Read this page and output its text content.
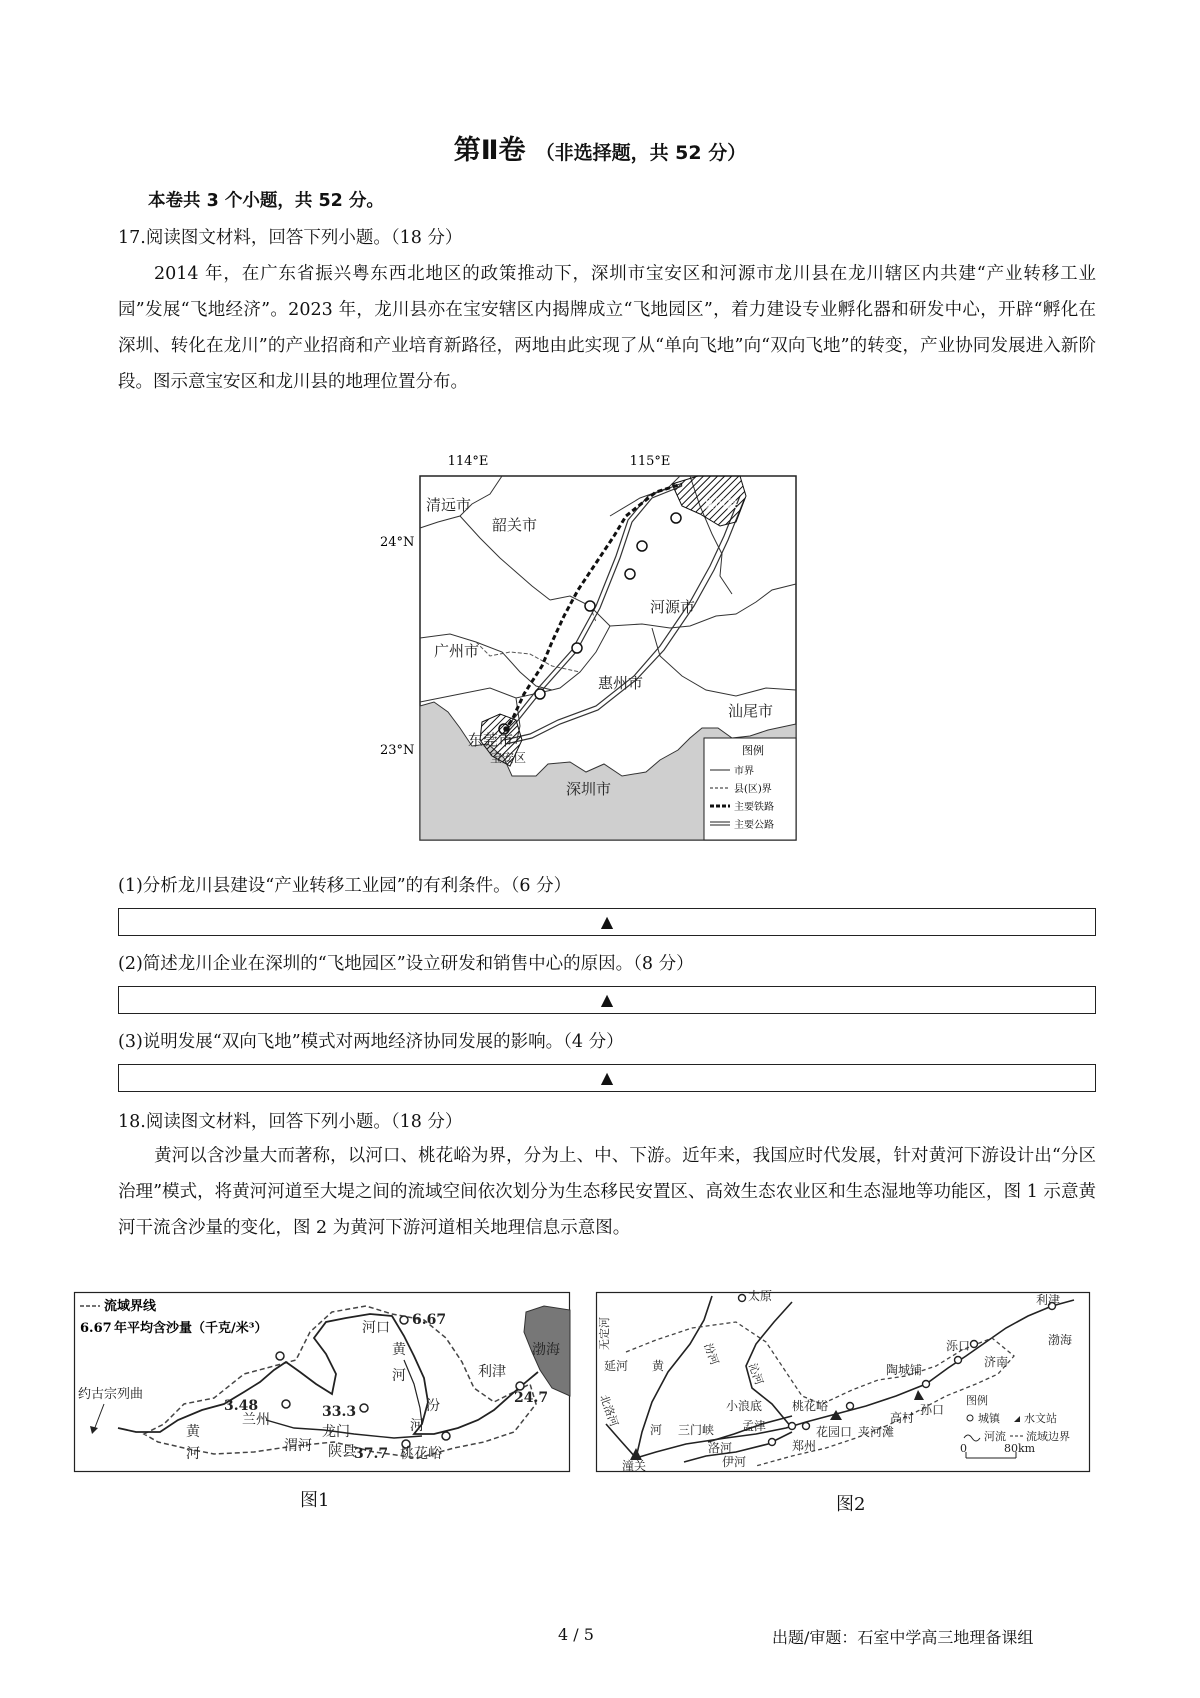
第Ⅱ卷 （非选择题，共 52 分）
本卷共 3 个小题，共 52 分。
17.阅读图文材料，回答下列小题。（18 分）
2014 年，在广东省振兴粤东西北地区的政策推动下，深圳市宝安区和河源市龙川县在龙川辖区内共建“产业转移工业园”发展“飞地经济”。2023 年，龙川县亦在宝安辖区内揭牌成立“飞地园区”，着力建设专业孵化器和研发中心，开辟“孵化在深圳、转化在龙川”的产业招商和产业培育新路径，两地由此实现了从“单向飞地”向“双向飞地”的转变，产业协同发展进入新阶段。图示意宝安区和龙川县的地理位置分布。
114°E	115°E
24°N
23°N
清远市
韶关市
龙川县
河源市
广州市
惠州市
汕尾市
东莞市
宝安区
深圳市
图例
市界
县(区)界
主要铁路
主要公路
(1)分析龙川县建设“产业转移工业园”的有利条件。（6 分）
▲
(2)简述龙川企业在深圳的“飞地园区”设立研发和销售中心的原因。（8 分）
▲
(3)说明发展“双向飞地”模式对两地经济协同发展的影响。（4 分）
▲
18.阅读图文材料，回答下列小题。（18 分）
黄河以含沙量大而著称，以河口、桃花峪为界，分为上、中、下游。近年来，我国应时代发展，针对黄河下游设计出“分区治理”模式，将黄河河道至大堤之间的流域空间依次划分为生态移民安置区、高效生态农业区和生态湿地等功能区，图 1 示意黄河干流含沙量的变化，图 2 为黄河下游河道相关地理信息示意图。
流域界线
6.67 年平均含沙量（千克/米³）	河口 6.67
黄
河
汾
河
渤海
利津
24.7
约古宗列曲
黄
河
兰州
渭河
3.48	33.3
龙门
陕县
37.7 桃花峪
图1
利津
太原
无定河
汾河
延河 黄
渤海
泺口
济南
陶城铺
孙口
高村
北洛河
沁河
河 三门峡
小浪底 桃花峪
孟津	花园口 夹河滩
洛河
伊河
郑州
潼关
图例
城镇 水文站
河流 流域边界
0	80km
图2
4 / 5	出题/审题：石室中学高三地理备课组
